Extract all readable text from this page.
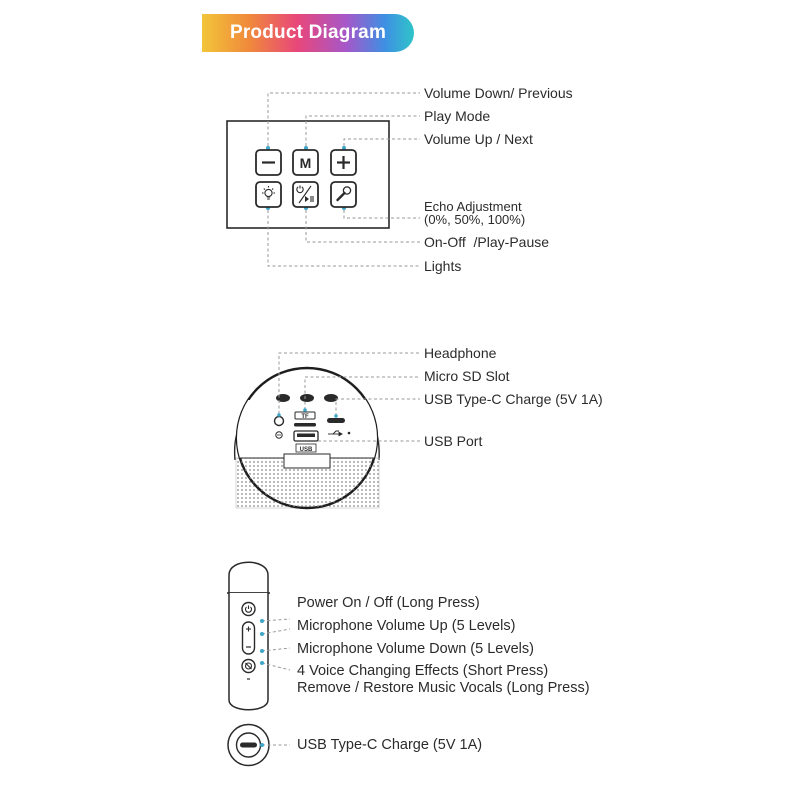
M
TF
USB
Product Diagram
Volume Down/ Previous
Play Mode
Volume Up / Next
Echo Adjustment
(0%, 50%, 100%)
On-Off  /Play-Pause
Lights
Headphone
Micro SD Slot
USB Type-C Charge (5V 1A)
USB Port
Power On / Off (Long Press)
Microphone Volume Up (5 Levels)
Microphone Volume Down (5 Levels)
4 Voice Changing Effects (Short Press)
Remove / Restore Music Vocals (Long Press)
USB Type-C Charge (5V 1A)
